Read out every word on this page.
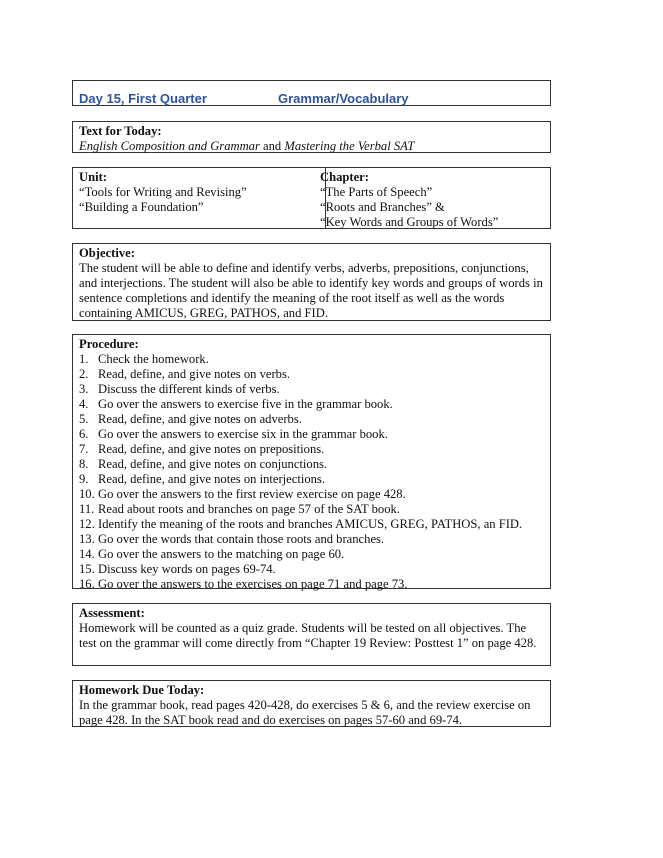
Day 15, First Quarter	Grammar/Vocabulary
Text for Today:
English Composition and Grammar and Mastering the Verbal SAT
Unit:
“Tools for Writing and Revising”
“Building a Foundation”
Chapter:
“The Parts of Speech”
“Roots and Branches” &
“Key Words and Groups of Words”
Objective:
The student will be able to define and identify verbs, adverbs, prepositions, conjunctions, and interjections. The student will also be able to identify key words and groups of words in sentence completions and identify the meaning of the root itself as well as the words containing AMICUS, GREG, PATHOS, and FID.
Procedure:
1. Check the homework.
2. Read, define, and give notes on verbs.
3. Discuss the different kinds of verbs.
4. Go over the answers to exercise five in the grammar book.
5. Read, define, and give notes on adverbs.
6. Go over the answers to exercise six in the grammar book.
7. Read, define, and give notes on prepositions.
8. Read, define, and give notes on conjunctions.
9. Read, define, and give notes on interjections.
10. Go over the answers to the first review exercise on page 428.
11. Read about roots and branches on page 57 of the SAT book.
12. Identify the meaning of the roots and branches AMICUS, GREG, PATHOS, an FID.
13. Go over the words that contain those roots and branches.
14. Go over the answers to the matching on page 60.
15. Discuss key words on pages 69-74.
16. Go over the answers to the exercises on page 71 and page 73.
Assessment:
Homework will be counted as a quiz grade. Students will be tested on all objectives. The test on the grammar will come directly from “Chapter 19 Review: Posttest 1” on page 428.
Homework Due Today:
In the grammar book, read pages 420-428, do exercises 5 & 6, and the review exercise on page 428. In the SAT book read and do exercises on pages 57-60 and 69-74.
